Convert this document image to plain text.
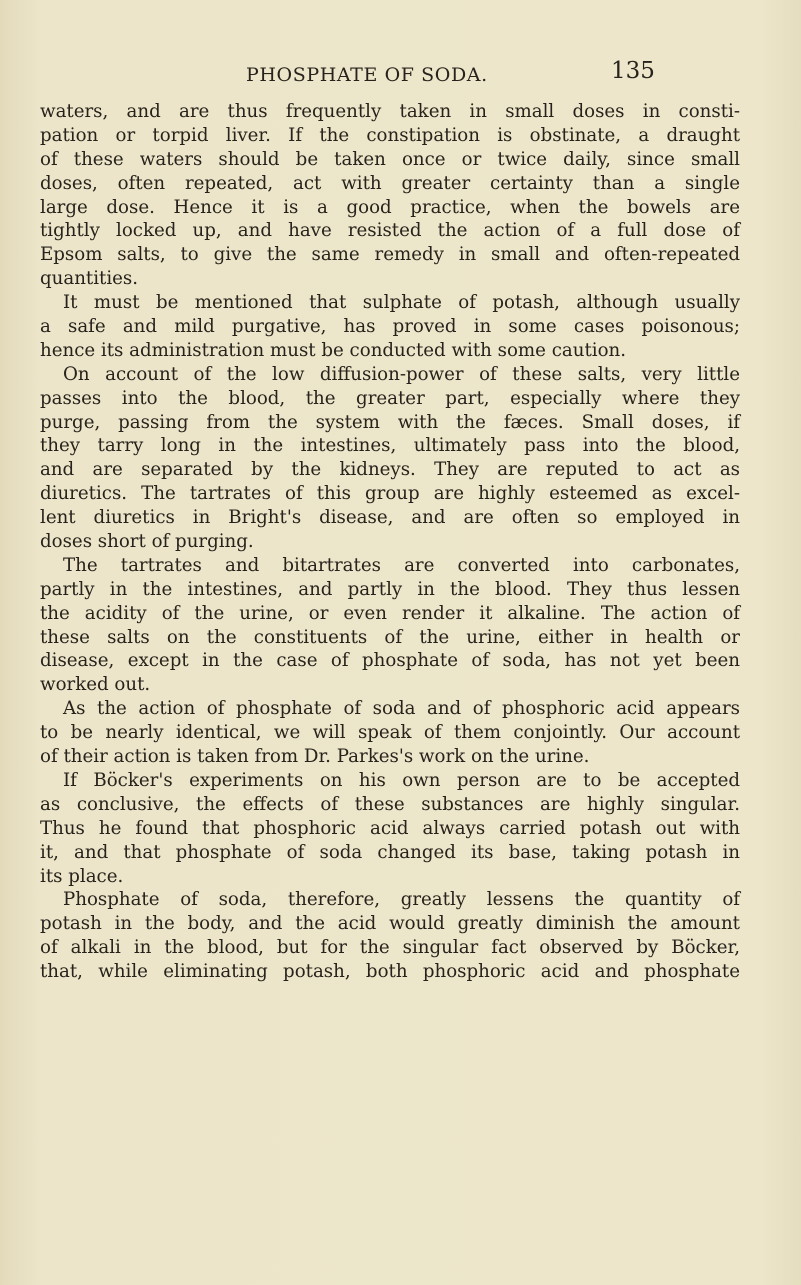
PHOSPHATE OF SODA.	135
waters, and are thus frequently taken in small doses in consti-
pation or torpid liver. If the constipation is obstinate, a draught
of these waters should be taken once or twice daily, since small
doses, often repeated, act with greater certainty than a single
large dose. Hence it is a good practice, when the bowels are
tightly locked up, and have resisted the action of a full dose of
Epsom salts, to give the same remedy in small and often-repeated
quantities.
It must be mentioned that sulphate of potash, although usually
a safe and mild purgative, has proved in some cases poisonous;
hence its administration must be conducted with some caution.
On account of the low diffusion-power of these salts, very little
passes into the blood, the greater part, especially where they
purge, passing from the system with the fæces. Small doses, if
they tarry long in the intestines, ultimately pass into the blood,
and are separated by the kidneys. They are reputed to act as
diuretics. The tartrates of this group are highly esteemed as excel-
lent diuretics in Bright's disease, and are often so employed in
doses short of purging.
The tartrates and bitartrates are converted into carbonates,
partly in the intestines, and partly in the blood. They thus lessen
the acidity of the urine, or even render it alkaline. The action of
these salts on the constituents of the urine, either in health or
disease, except in the case of phosphate of soda, has not yet been
worked out.
As the action of phosphate of soda and of phosphoric acid appears
to be nearly identical, we will speak of them conjointly. Our account
of their action is taken from Dr. Parkes's work on the urine.
If Böcker's experiments on his own person are to be accepted
as conclusive, the effects of these substances are highly singular.
Thus he found that phosphoric acid always carried potash out with
it, and that phosphate of soda changed its base, taking potash in
its place.
Phosphate of soda, therefore, greatly lessens the quantity of
potash in the body, and the acid would greatly diminish the amount
of alkali in the blood, but for the singular fact observed by Böcker,
that, while eliminating potash, both phosphoric acid and phosphate
